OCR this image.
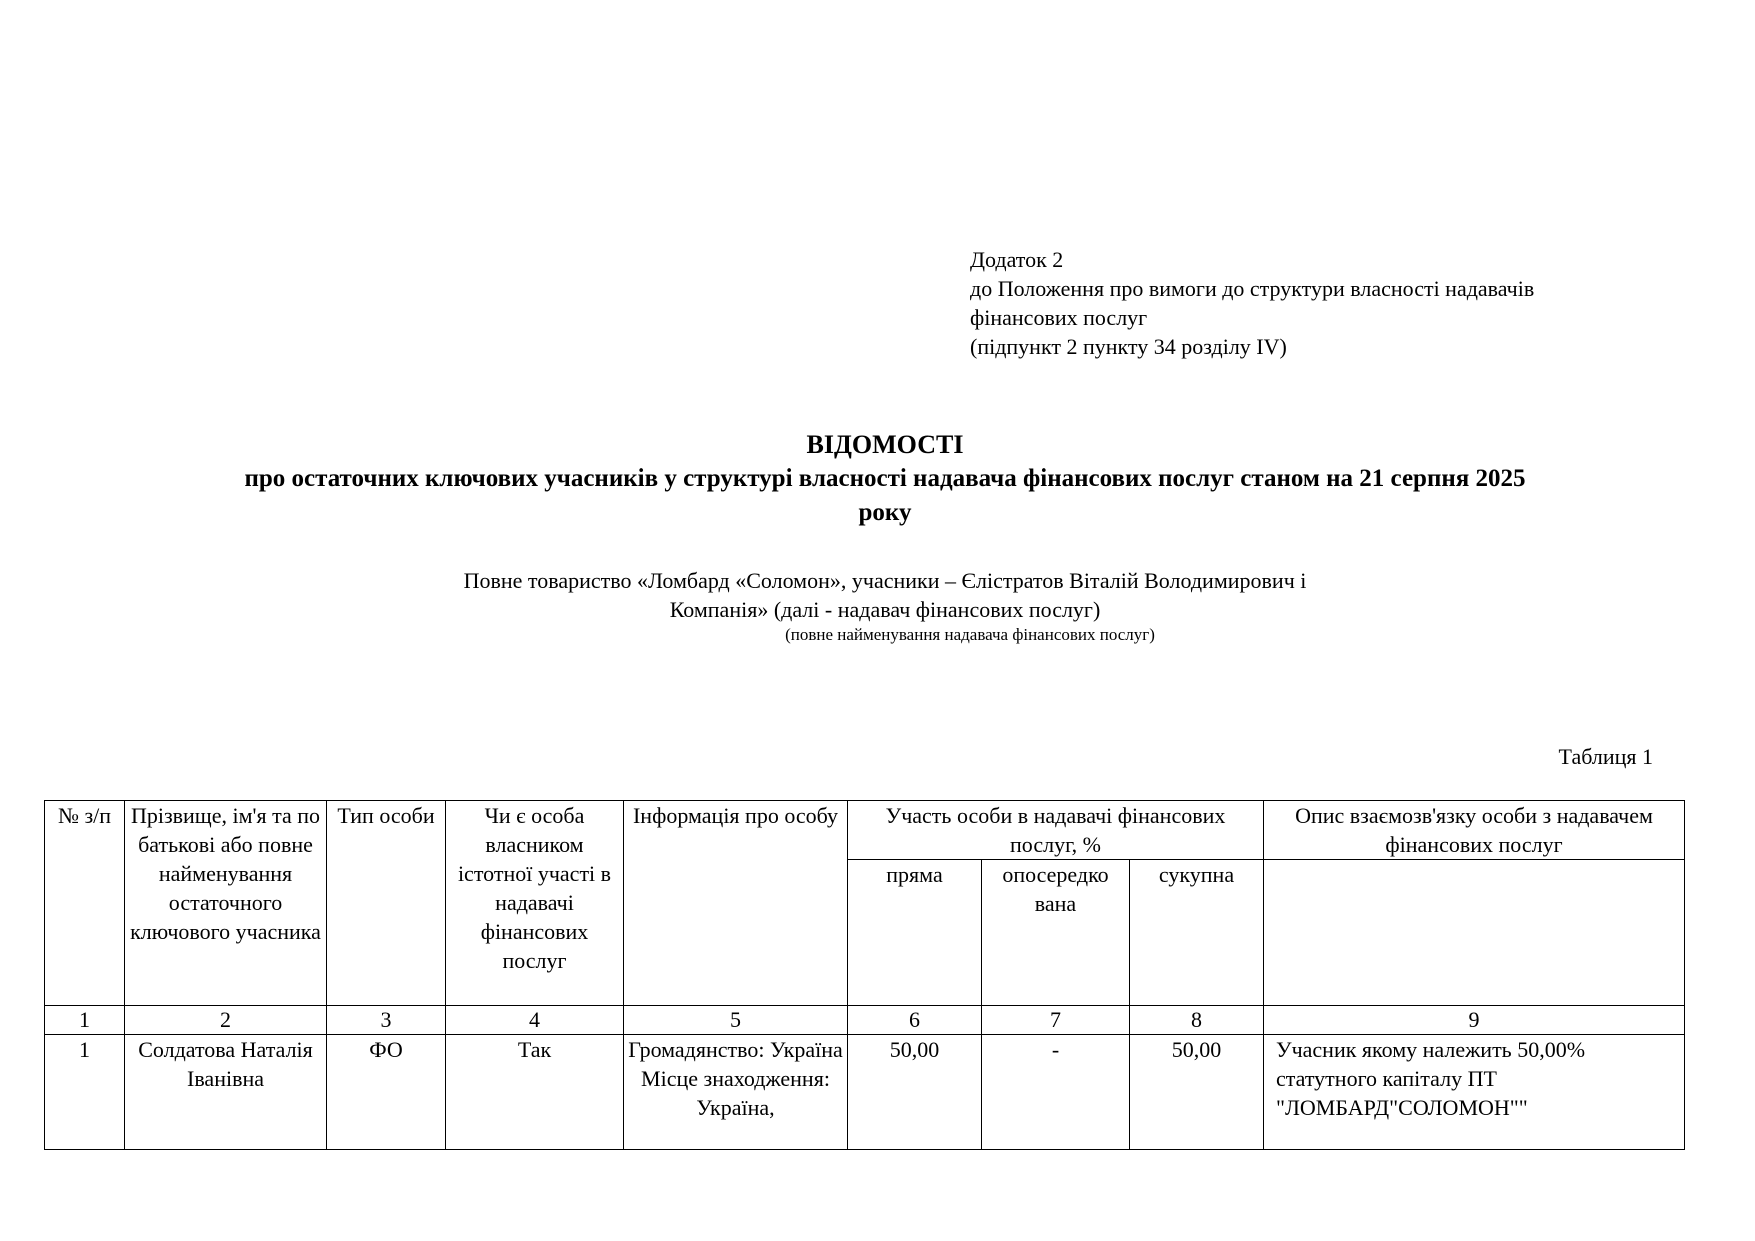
Додаток 2
до Положення про вимоги до структури власності надавачів
фінансових послуг
(підпункт 2 пункту 34 розділу IV)
ВІДОМОСТІ
про остаточних ключових учасників у структурі власності надавача фінансових послуг станом на 21 серпня 2025
року
Повне товариство «Ломбард «Соломон», учасники – Єлістратов Віталій Володимирович і
Компанія» (далі - надавач фінансових послуг)
(повне найменування надавача фінансових послуг)
Таблиця 1
№ з/п	Прізвище, ім'я та по батькові або повне найменування остаточного ключового учасника	Тип особи	Чи є особа власником істотної участі в надавачі фінансових послуг	Інформація про особу	Участь особи в надавачі фінансових послуг, %			Опис взаємозв'язку особи з надавачем фінансових послуг
					пряма	опосередко вана	сукупна	
1	2	3	4	5	6	7	8	9
1	Солдатова Наталія Іванівна	ФО	Так	Громадянство: Україна Місце знаходження: Україна,	50,00	-	50,00	Учасник якому належить 50,00% статутного капіталу ПТ "ЛОМБАРД"СОЛОМОН""
